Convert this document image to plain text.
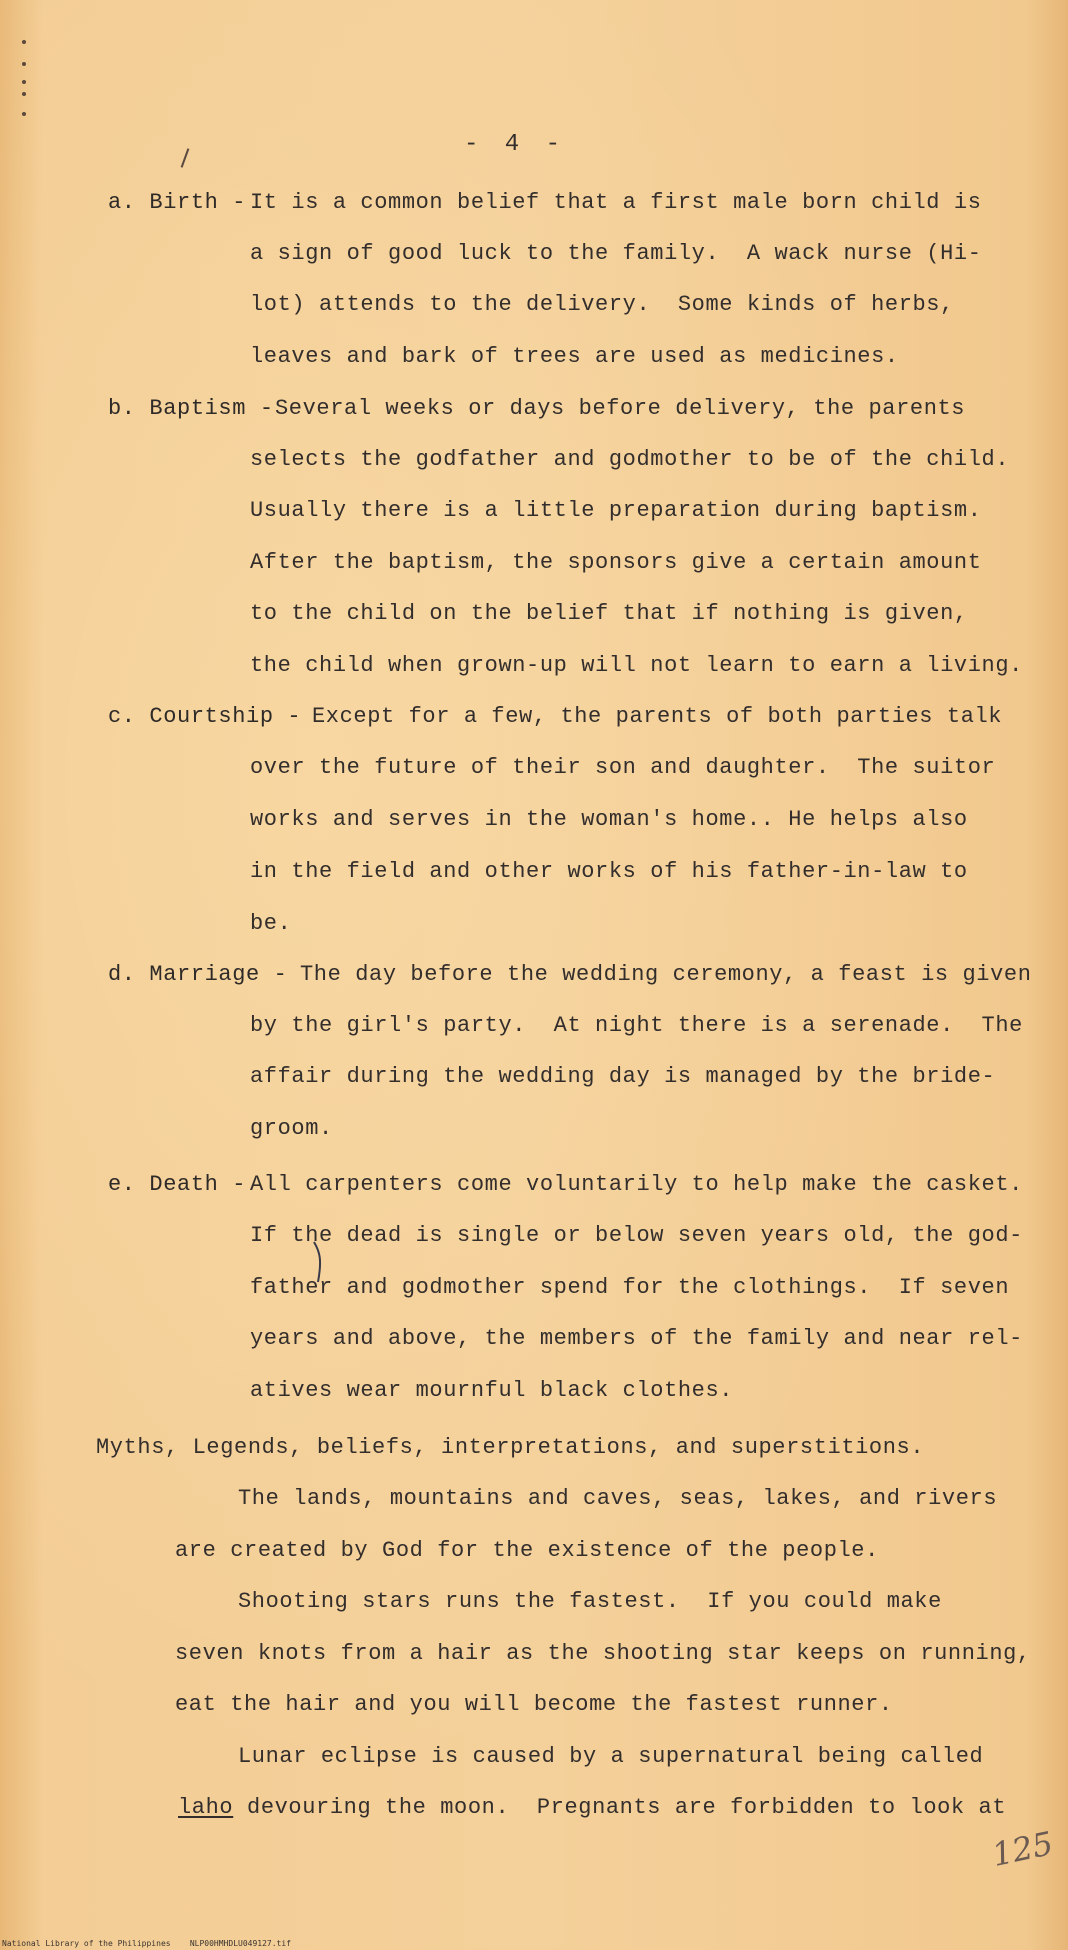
- 4 -
a. Birth - It is a common belief that a first male born child is
a sign of good luck to the family.  A wack nurse (Hi-
lot) attends to the delivery.  Some kinds of herbs,
leaves and bark of trees are used as medicines.
b. Baptism - Several weeks or days before delivery, the parents
selects the godfather and godmother to be of the child.
Usually there is a little preparation during baptism.
After the baptism, the sponsors give a certain amount
to the child on the belief that if nothing is given,
the child when grown-up will not learn to earn a living.
c. Courtship - Except for a few, the parents of both parties talk
over the future of their son and daughter.  The suitor
works and serves in the woman's home.. He helps also
in the field and other works of his father-in-law to
be.
d. Marriage - The day before the wedding ceremony, a feast is given
by the girl's party.  At night there is a serenade.  The
affair during the wedding day is managed by the bride-
groom.
e. Death - All carpenters come voluntarily to help make the casket.
If the dead is single or below seven years old, the god-
father and godmother spend for the clothings.  If seven
years and above, the members of the family and near rel-
atives wear mournful black clothes.
Myths, Legends, beliefs, interpretations, and superstitions.
The lands, mountains and caves, seas, lakes, and rivers
are created by God for the existence of the people.
Shooting stars runs the fastest.  If you could make
seven knots from a hair as the shooting star keeps on running,
eat the hair and you will become the fastest runner.
Lunar eclipse is caused by a supernatural being called
laho devouring the moon.  Pregnants are forbidden to look at
125
National Library of the Philippines    NLP00HMHDLU049127.tif
